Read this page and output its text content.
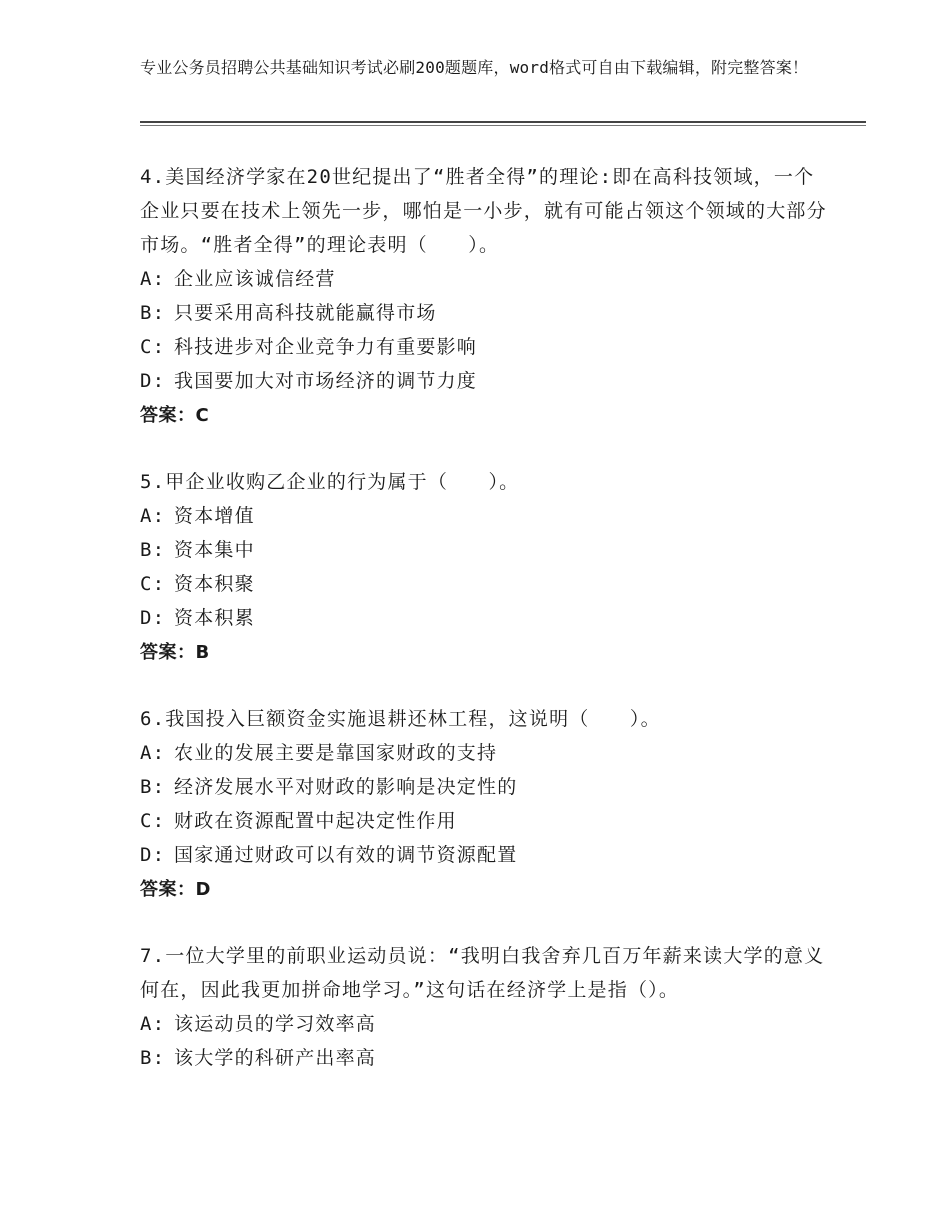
专业公务员招聘公共基础知识考试必刷200题题库，word格式可自由下载编辑，附完整答案！
4.美国经济学家在20世纪提出了“胜者全得”的理论:即在高科技领域，一个企业只要在技术上领先一步，哪怕是一小步，就有可能占领这个领域的大部分市场。“胜者全得”的理论表明（　　）。
A: 企业应该诚信经营
B: 只要采用高科技就能赢得市场
C: 科技进步对企业竞争力有重要影响
D: 我国要加大对市场经济的调节力度
答案：C
5.甲企业收购乙企业的行为属于（　　）。
A: 资本增值
B: 资本集中
C: 资本积聚
D: 资本积累
答案：B
6.我国投入巨额资金实施退耕还林工程，这说明（　　）。
A: 农业的发展主要是靠国家财政的支持
B: 经济发展水平对财政的影响是决定性的
C: 财政在资源配置中起决定性作用
D: 国家通过财政可以有效的调节资源配置
答案：D
7.一位大学里的前职业运动员说：“我明白我舍弃几百万年薪来读大学的意义何在，因此我更加拼命地学习。”这句话在经济学上是指（）。
A: 该运动员的学习效率高
B: 该大学的科研产出率高
